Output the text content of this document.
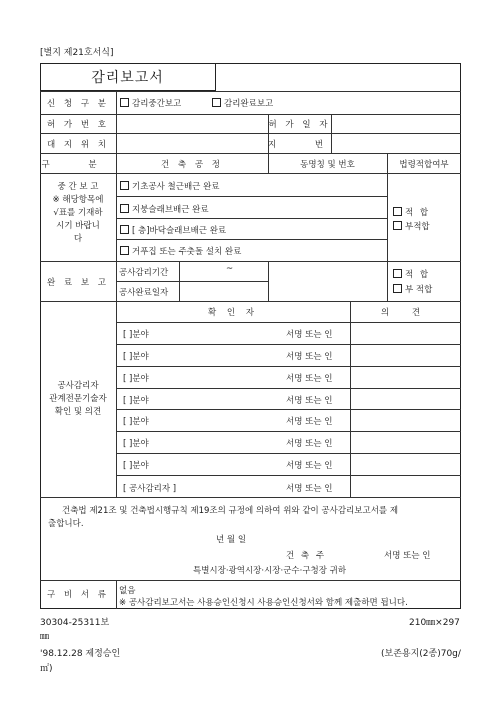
[별지 제21호서식]
감리보고서
신 청 구 분	감리중간보고	감리완료보고
허 가 번 호	허 가 일 자
대 지 위 치	지 번
구 분	건 축 공 정	동명칭 및 번호	법령적합여부
중 간 보 고
※ 해당항목에
√표를 기재하
시기 바랍니
다
기초공사 철근배근 완료
지붕슬래브배근 완료
[ 층]바닥슬래브배근 완료
거푸집 또는 주춧돌 설치 완료
적 합
부적합
완 료 보 고
공사감리기간	~
공사완료일자
적 합
부 적합
공사감리자
관계전문기술자
확인 및 의견
확 인 자	의 견
[ ]분야	서명 또는 인
[ ]분야	서명 또는 인
[ ]분야	서명 또는 인
[ ]분야	서명 또는 인
[ ]분야	서명 또는 인
[ ]분야	서명 또는 인
[ ]분야	서명 또는 인
[ 공사감리자 ]	서명 또는 인
건축법 제21조 및 건축법시행규칙 제19조의 규정에 의하여 위와 같이 공사감리보고서를 제
출합니다.
년 월 일
건 축 주	서명 또는 인
특별시장·광역시장·시장·군수·구청장 귀하
구 비 서 류	없음
※ 공사감리보고서는 사용승인신청시 사용승인신청서와 함께 제출하면 됩니다.
30304-25311보	210㎜×297
㎜
'98.12.28 제정승인	(보존용지(2종)70g/
㎡)
